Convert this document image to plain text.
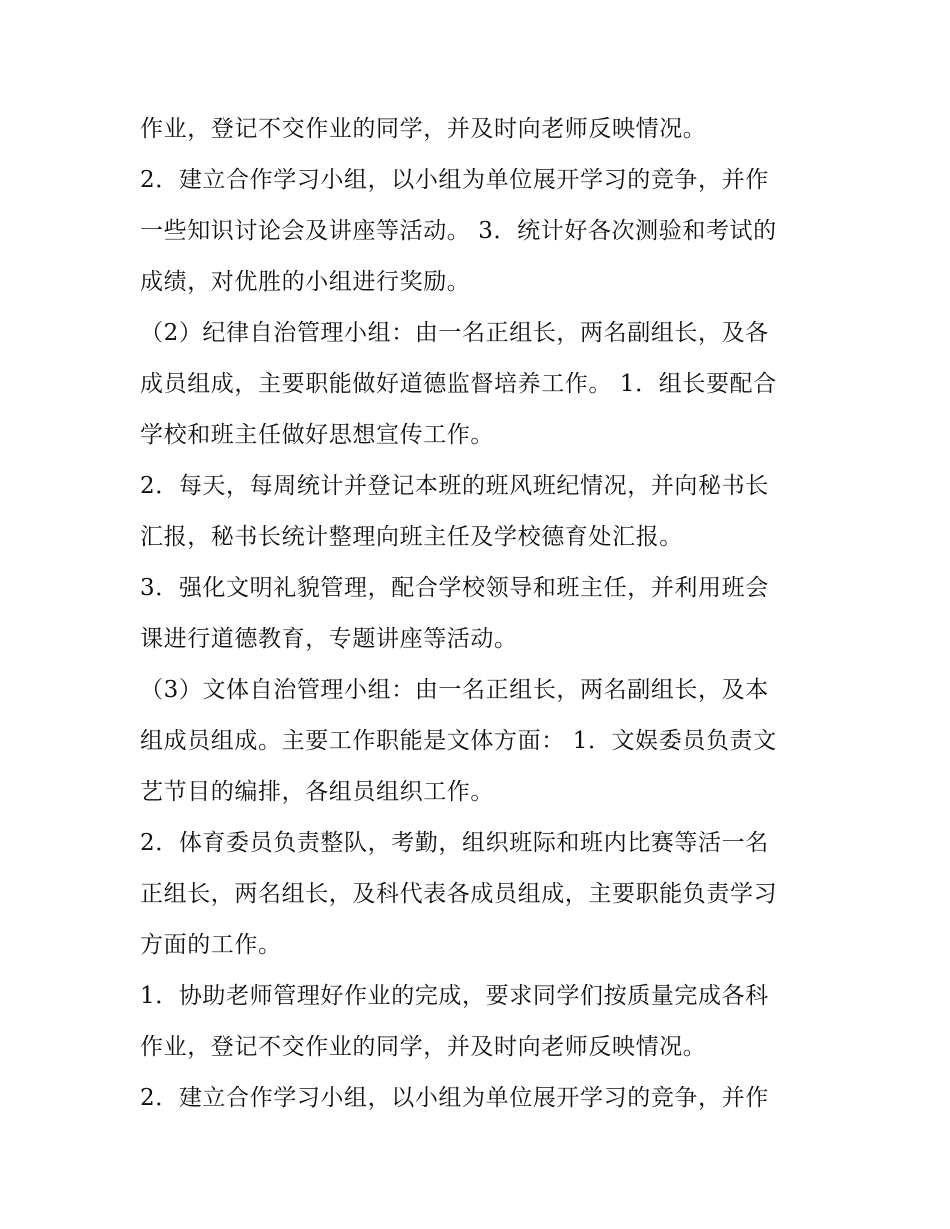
作业，登记不交作业的同学，并及时向老师反映情况。
2．建立合作学习小组，以小组为单位展开学习的竞争，并作
一些知识讨论会及讲座等活动。 3．统计好各次测验和考试的
成绩，对优胜的小组进行奖励。
（2）纪律自治管理小组：由一名正组长，两名副组长，及各
成员组成，主要职能做好道德监督培养工作。 1．组长要配合
学校和班主任做好思想宣传工作。
2．每天，每周统计并登记本班的班风班纪情况，并向秘书长
汇报，秘书长统计整理向班主任及学校德育处汇报。
3．强化文明礼貌管理，配合学校领导和班主任，并利用班会
课进行道德教育，专题讲座等活动。
（3）文体自治管理小组：由一名正组长，两名副组长，及本
组成员组成。主要工作职能是文体方面： 1．文娱委员负责文
艺节目的编排，各组员组织工作。
2．体育委员负责整队，考勤，组织班际和班内比赛等活一名
正组长，两名组长，及科代表各成员组成，主要职能负责学习
方面的工作。
1．协助老师管理好作业的完成，要求同学们按质量完成各科
作业，登记不交作业的同学，并及时向老师反映情况。
2．建立合作学习小组，以小组为单位展开学习的竞争，并作
